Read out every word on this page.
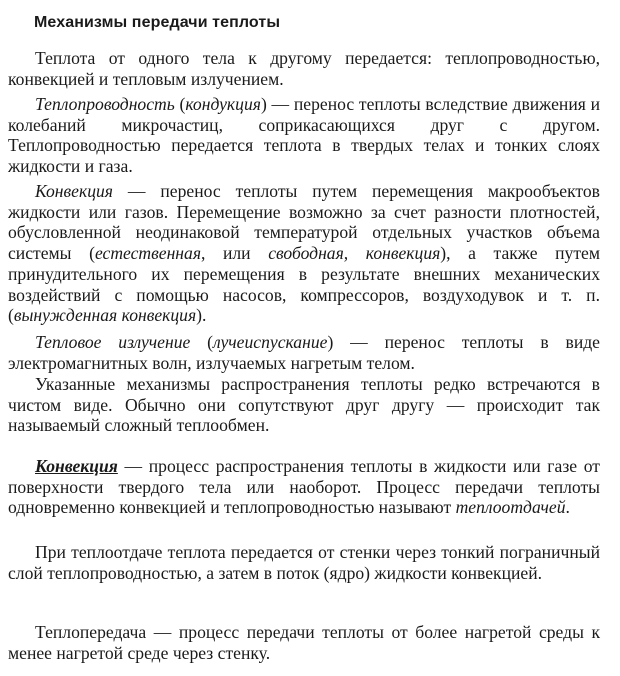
Механизмы передачи теплоты

Теплота от одного тела к другому передается: теплопроводностью, конвекцией и тепловым излучением.

Теплопроводность (кондукция) — перенос теплоты вследствие движения и колебаний микрочастиц, соприкасающихся друг с другом. Теплопроводностью передается теплота в твердых телах и тонких слоях жидкости и газа.

Конвекция — перенос теплоты путем перемещения макрообъектов жидкости или газов. Перемещение возможно за счет разности плотностей, обусловленной неодинаковой температурой отдельных участков объема системы (естественная, или свободная, конвекция), а также путем принудительного их перемещения в результате внешних механических воздействий с помощью насосов, компрессоров, воздуходувок и т. п. (вынужденная конвекция).

Тепловое излучение (лучеиспускание) — перенос теплоты в виде электромагнитных волн, излучаемых нагретым телом.

Указанные механизмы распространения теплоты редко встречаются в чистом виде. Обычно они сопутствуют друг другу — происходит так называемый сложный теплообмен.

Конвекция — процесс распространения теплоты в жидкости или газе от поверхности твердого тела или наоборот. Процесс передачи теплоты одновременно конвекцией и теплопроводностью называют теплоотдачей.

При теплоотдаче теплота передается от стенки через тонкий пограничный слой теплопроводностью, а затем в поток (ядро) жидкости конвекцией.

Теплопередача — процесс передачи теплоты от более нагретой среды к менее нагретой среде через стенку.
